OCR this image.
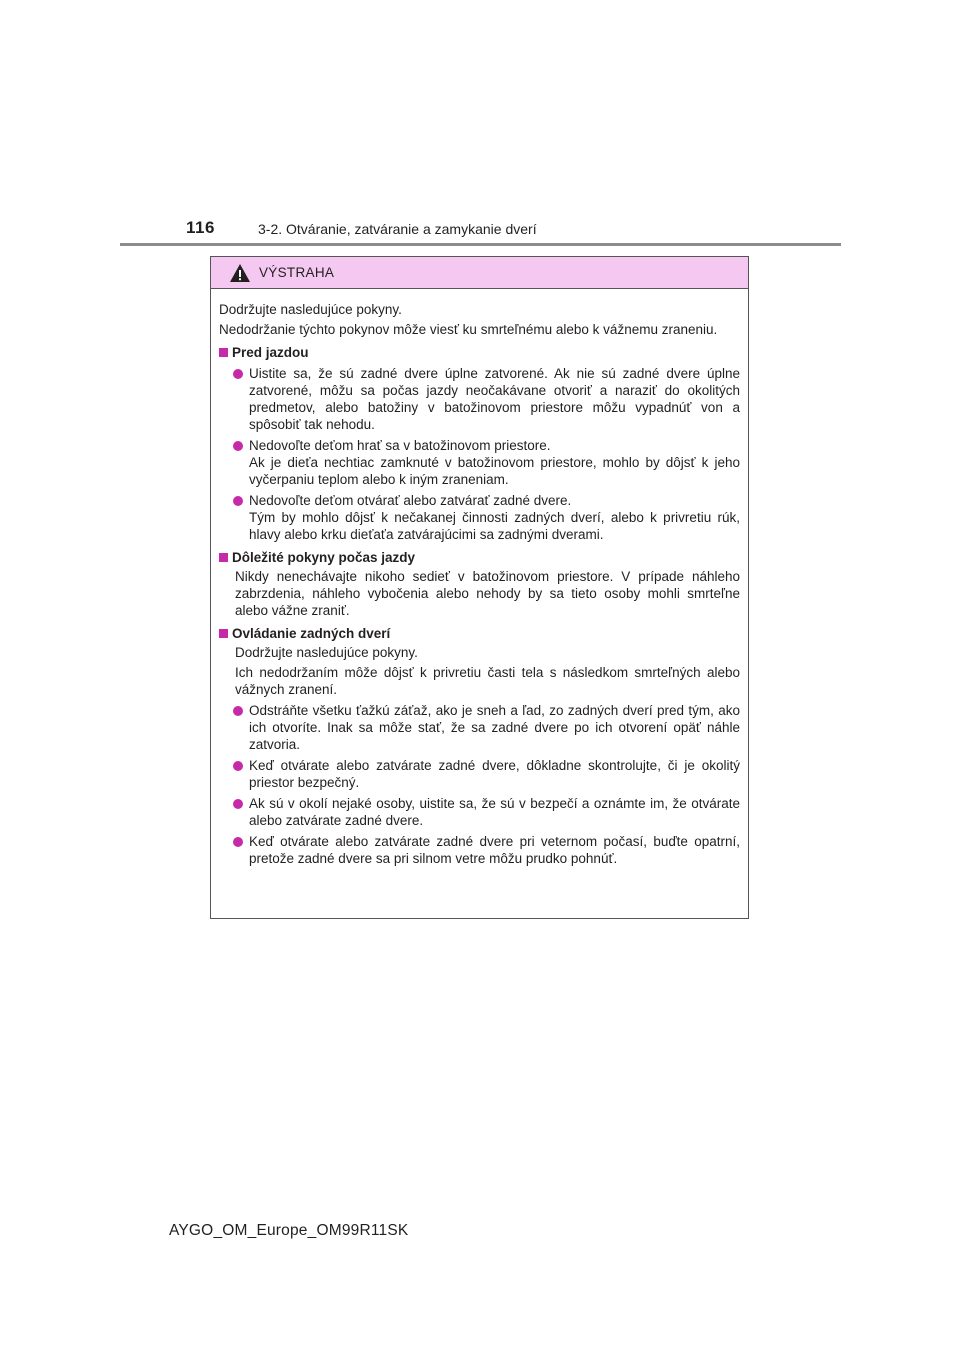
116	3-2. Otváranie, zatváranie a zamykanie dverí
VÝSTRAHA

Dodržujte nasledujúce pokyny.

Nedodržanie týchto pokynov môže viesť ku smrteľnému alebo k vážnemu zraneniu.

Pred jazdou
Uistite sa, že sú zadné dvere úplne zatvorené. Ak nie sú zadné dvere úplne zatvorené, môžu sa počas jazdy neočakávane otvoriť a naraziť do okolitých predmetov, alebo batožiny v batožinovom priestore môžu vypadnúť von a spôsobiť tak nehodu.
Nedovoľte deťom hrať sa v batožinovom priestore.
Ak je dieťa nechtiac zamknuté v batožinovom priestore, mohlo by dôjsť k jeho vyčerpaniu teplom alebo k iným zraneniam.
Nedovoľte deťom otvárať alebo zatvárať zadné dvere.
Tým by mohlo dôjsť k nečakanej činnosti zadných dverí, alebo k privretiu rúk, hlavy alebo krku dieťaťa zatvárajúcimi sa zadnými dverami.
Dôležité pokyny počas jazdy

Nikdy nenechávajte nikoho sedieť v batožinovom priestore. V prípade náhleho zabrzdenia, náhleho vybočenia alebo nehody by sa tieto osoby mohli smrteľne alebo vážne zraniť.

Ovládanie zadných dverí

Dodržujte nasledujúce pokyny.

Ich nedodržaním môže dôjsť k privretiu časti tela s následkom smrteľných alebo vážnych zranení.

Odstráňte všetku ťažkú záťaž, ako je sneh a ľad, zo zadných dverí pred tým, ako ich otvoríte. Inak sa môže stať, že sa zadné dvere po ich otvorení opäť náhle zatvoria.
Keď otvárate alebo zatvárate zadné dvere, dôkladne skontrolujte, či je okolitý priestor bezpečný.
Ak sú v okolí nejaké osoby, uistite sa, že sú v bezpečí a oznámte im, že otvárate alebo zatvárate zadné dvere.
Keď otvárate alebo zatvárate zadné dvere pri veternom počasí, buďte opatrní, pretože zadné dvere sa pri silnom vetre môžu prudko pohnúť.
AYGO_OM_Europe_OM99R11SK
